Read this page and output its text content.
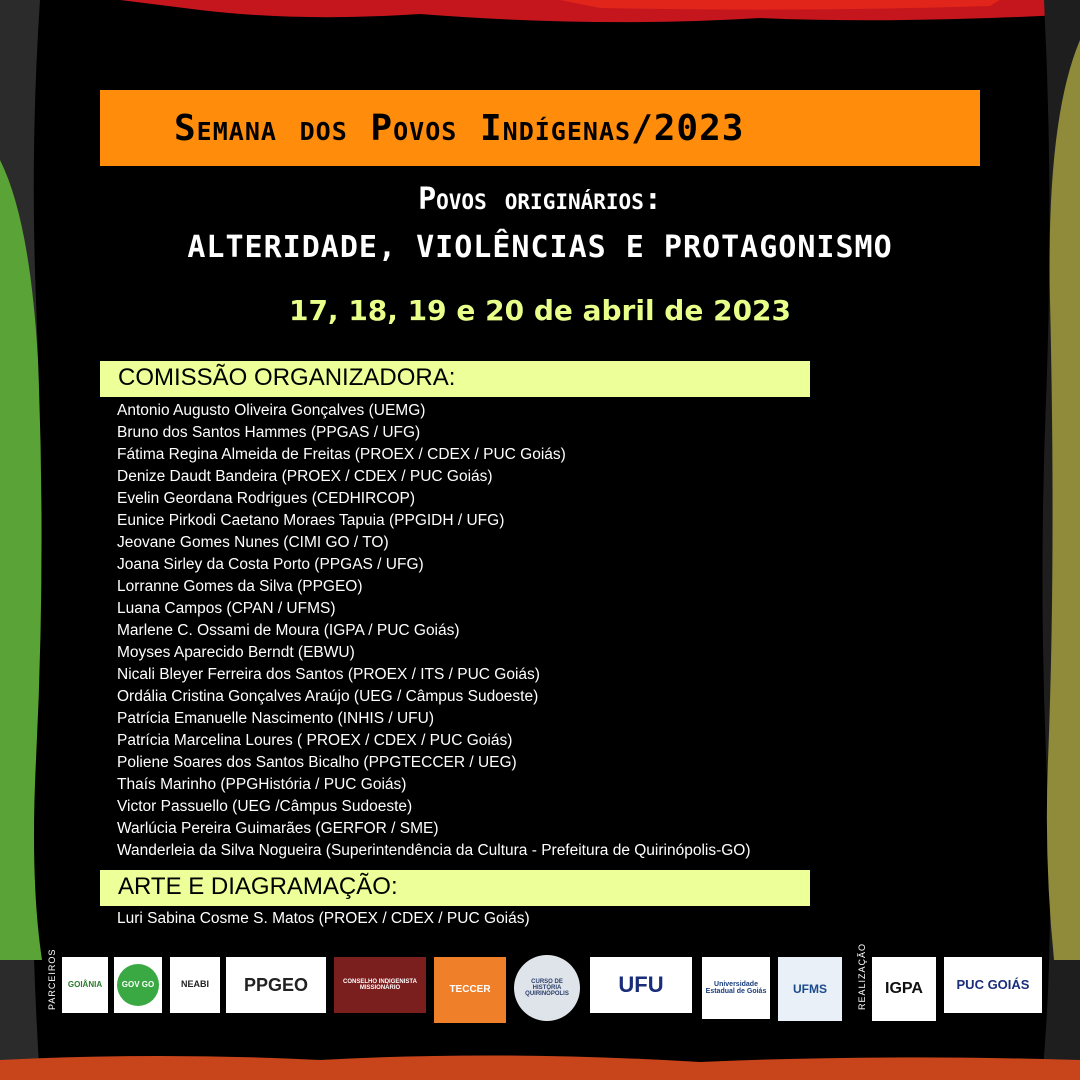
Semana dos Povos Indígenas/2023
Povos originários:
ALTERIDADE, VIOLÊNCIAS E PROTAGONISMO
17, 18, 19 e 20 de abril de 2023
COMISSÃO ORGANIZADORA:
Antonio Augusto Oliveira Gonçalves (UEMG)
Bruno dos Santos Hammes (PPGAS / UFG)
Fátima Regina Almeida de Freitas (PROEX / CDEX / PUC Goiás)
Denize Daudt Bandeira (PROEX / CDEX / PUC Goiás)
Evelin Geordana Rodrigues (CEDHIRCOP)
Eunice Pirkodi Caetano Moraes Tapuia (PPGIDH / UFG)
Jeovane Gomes Nunes (CIMI GO / TO)
Joana Sirley da Costa Porto (PPGAS / UFG)
Lorranne Gomes da Silva (PPGEO)
Luana Campos (CPAN / UFMS)
Marlene C. Ossami de Moura (IGPA / PUC Goiás)
Moyses Aparecido Berndt (EBWU)
Nicali Bleyer Ferreira dos Santos (PROEX / ITS / PUC Goiás)
Ordália Cristina Gonçalves Araújo (UEG / Câmpus Sudoeste)
Patrícia Emanuelle Nascimento (INHIS / UFU)
Patrícia Marcelina Loures ( PROEX / CDEX / PUC Goiás)
Poliene Soares dos Santos Bicalho (PPGTECCER / UEG)
Thaís Marinho (PPGHistória / PUC Goiás)
Victor Passuello (UEG /Câmpus Sudoeste)
Warlúcia Pereira Guimarães (GERFOR / SME)
Wanderleia da Silva Nogueira (Superintendência da Cultura - Prefeitura de Quirinópolis-GO)
ARTE E DIAGRAMAÇÃO:
Luri Sabina Cosme S. Matos (PROEX / CDEX / PUC Goiás)
PARCEIROS	REALIZAÇÃO
GOIÂNIA GOV GO	NEABI PPGEO	CONSELHO INDIGENISTA MISSIONÁRIO	TECCER
CURSO DE HISTÓRIA QUIRINÓPOLIS	UFU	Universidade Estadual de Goiás	UFMS	IGPA	PUC GOIÁS
